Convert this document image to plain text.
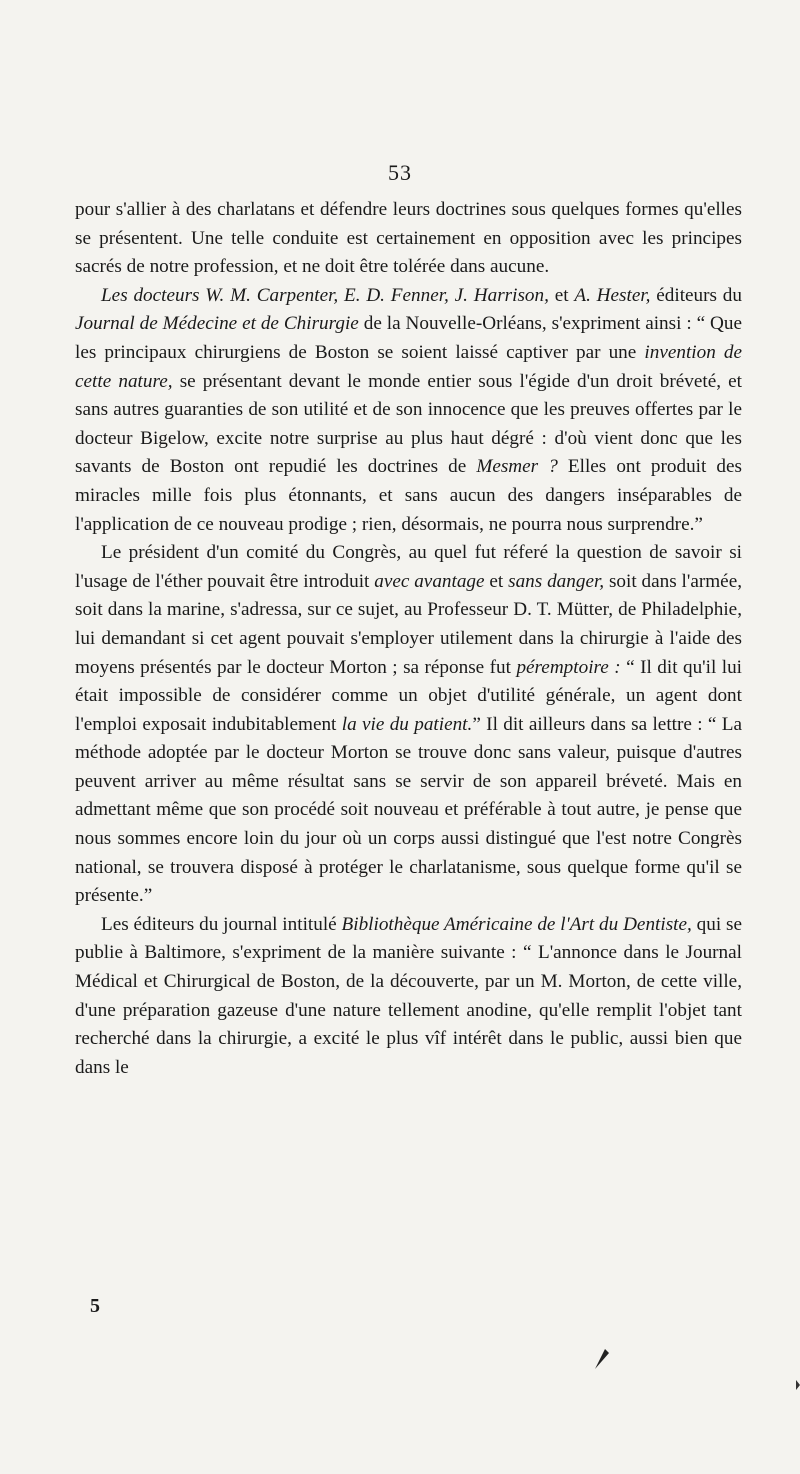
53

pour s'allier à des charlatans et défendre leurs doctrines sous quelques formes qu'elles se présentent. Une telle conduite est certainement en opposition avec les principes sacrés de notre profession, et ne doit être tolérée dans aucune.

Les docteurs W. M. Carpenter, E. D. Fenner, J. Harrison, et A. Hester, éditeurs du Journal de Médecine et de Chirurgie de la Nouvelle-Orléans, s'expriment ainsi : “ Que les principaux chirurgiens de Boston se soient laissé captiver par une invention de cette nature, se présentant devant le monde entier sous l'égide d'un droit bréveté, et sans autres guaranties de son utilité et de son innocence que les preuves offertes par le docteur Bigelow, excite notre surprise au plus haut dégré : d'où vient donc que les savants de Boston ont repudié les doctrines de Mesmer ? Elles ont produit des miracles mille fois plus étonnants, et sans aucun des dangers inséparables de l'application de ce nouveau prodige ; rien, désormais, ne pourra nous surprendre.”

Le président d'un comité du Congrès, au quel fut réferé la question de savoir si l'usage de l'éther pouvait être introduit avec avantage et sans danger, soit dans l'armée, soit dans la marine, s'adressa, sur ce sujet, au Professeur D. T. Mütter, de Philadelphie, lui demandant si cet agent pouvait s'employer utilement dans la chirurgie à l'aide des moyens présentés par le docteur Morton ; sa réponse fut péremptoire : “ Il dit qu'il lui était impossible de considérer comme un objet d'utilité générale, un agent dont l'emploi exposait indubitablement la vie du patient.” Il dit ailleurs dans sa lettre : “ La méthode adoptée par le docteur Morton se trouve donc sans valeur, puisque d'autres peuvent arriver au même résultat sans se servir de son appareil bréveté. Mais en admettant même que son procédé soit nouveau et préférable à tout autre, je pense que nous sommes encore loin du jour où un corps aussi distingué que l'est notre Congrès national, se trouvera disposé à protéger le charlatanisme, sous quelque forme qu'il se présente.”

Les éditeurs du journal intitulé Bibliothèque Américaine de l'Art du Dentiste, qui se publie à Baltimore, s'expriment de la manière suivante : “ L'annonce dans le Journal Médical et Chirurgical de Boston, de la découverte, par un M. Morton, de cette ville, d'une préparation gazeuse d'une nature tellement anodine, qu'elle remplit l'objet tant recherché dans la chirurgie, a excité le plus vîf intérêt dans le public, aussi bien que dans le

5
